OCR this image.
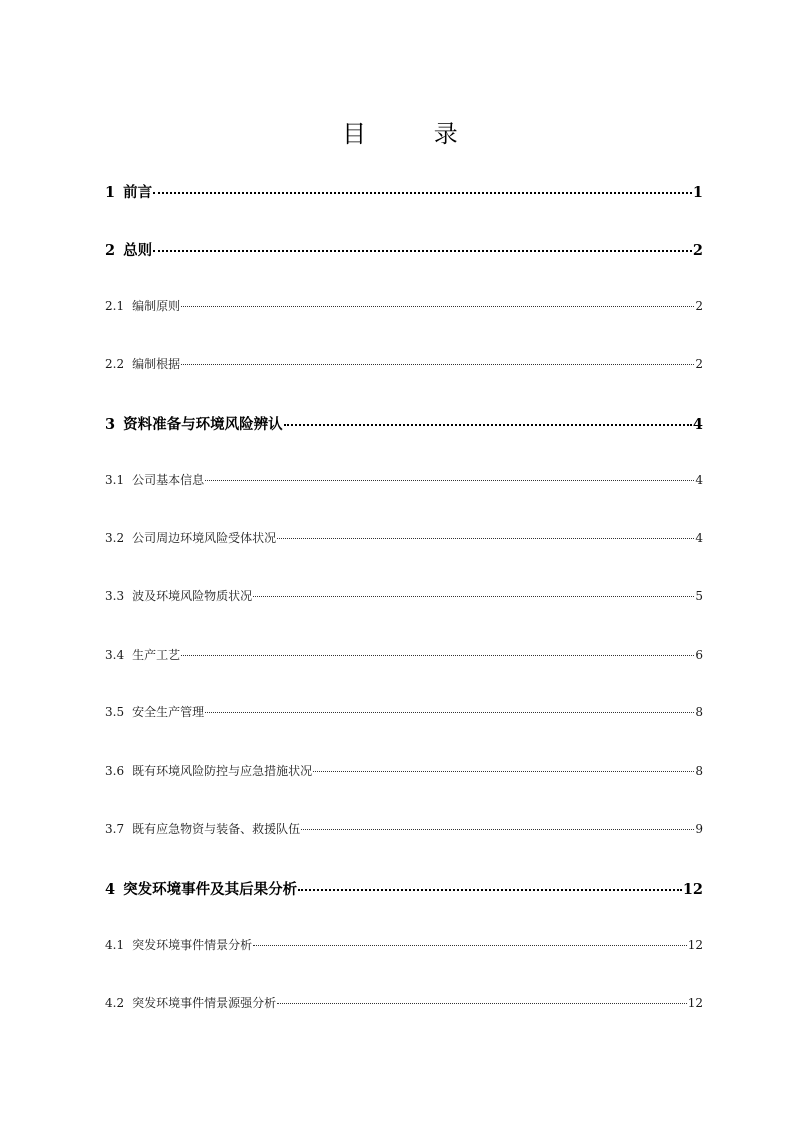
目 录
1 前言	1
2 总则	2
2.1 编制原则	2
2.2 编制根据	2
3 资料准备与环境风险辨认	4
3.1 公司基本信息	4
3.2 公司周边环境风险受体状况	4
3.3 波及环境风险物质状况	5
3.4 生产工艺	6
3.5 安全生产管理	8
3.6 既有环境风险防控与应急措施状况	8
3.7 既有应急物资与装备、救援队伍	9
4 突发环境事件及其后果分析	12
4.1 突发环境事件情景分析	12
4.2 突发环境事件情景源强分析	12
